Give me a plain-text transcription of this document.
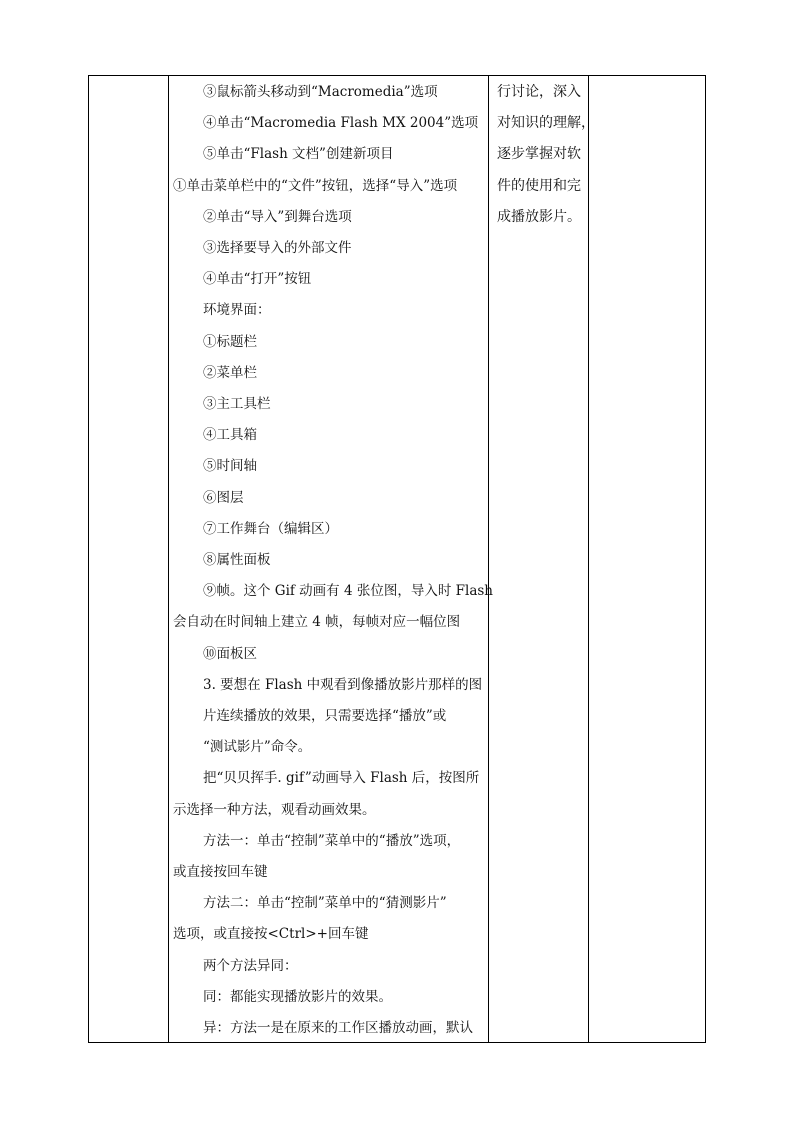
③鼠标箭头移动到“Macromedia”选项
④单击“Macromedia Flash MX 2004”选项
⑤单击“Flash 文档”创建新项目
①单击菜单栏中的“文件”按钮，选择“导入”选项
②单击“导入”到舞台选项
③选择要导入的外部文件
④单击“打开”按钮
环境界面：
①标题栏
②菜单栏
③主工具栏
④工具箱
⑤时间轴
⑥图层
⑦工作舞台（编辑区）
⑧属性面板
⑨帧。这个 Gif 动画有 4 张位图，导入时 Flash
会自动在时间轴上建立 4 帧，每帧对应一幅位图
⑩面板区
3. 要想在 Flash 中观看到像播放影片那样的图
片连续播放的效果，只需要选择“播放”或
“测试影片”命令。
把“贝贝挥手. gif”动画导入 Flash 后，按图所
示选择一种方法，观看动画效果。
方法一：单击“控制”菜单中的“播放”选项，
或直接按回车键
方法二：单击“控制”菜单中的“猜测影片”
选项，或直接按<Ctrl>+回车键
两个方法异同：
同：都能实现播放影片的效果。
异：方法一是在原来的工作区播放动画，默认
行讨论，深入
对知识的理解，
逐步掌握对软
件的使用和完
成播放影片。
